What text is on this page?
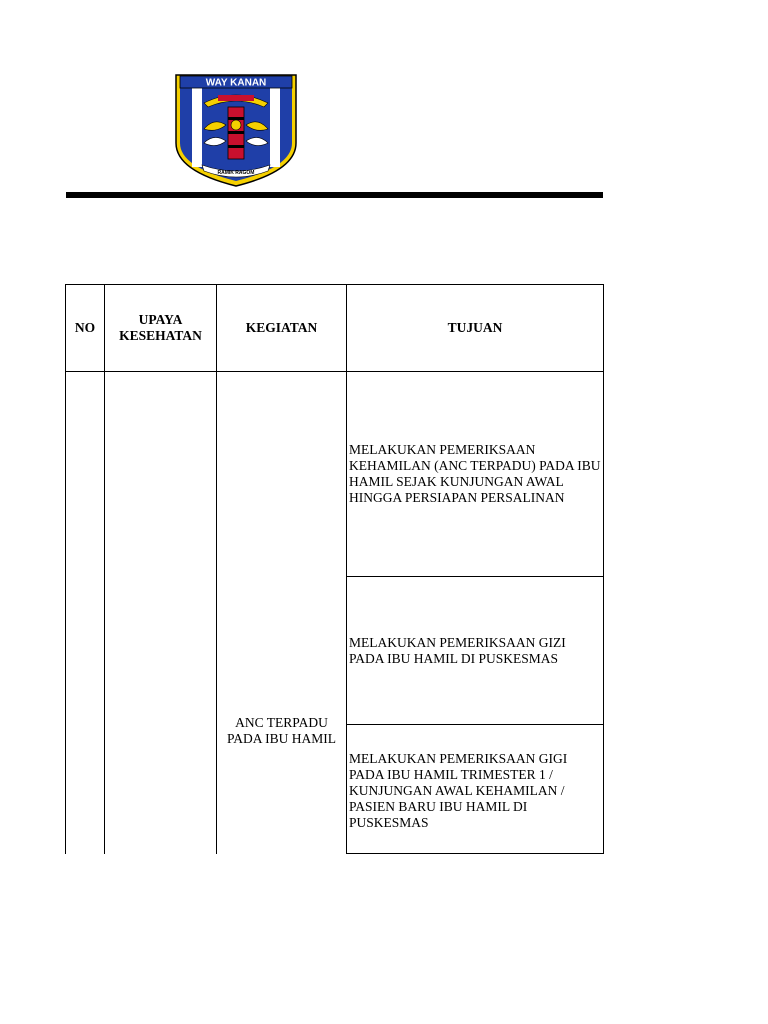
WAY KANAN
RAMIK RAGOM
NO
UPAYA KESEHATAN
KEGIATAN	TUJUAN
ANC TERPADU PADA IBU HAMIL
MELAKUKAN PEMERIKSAAN KEHAMILAN (ANC TERPADU) PADA IBU HAMIL SEJAK KUNJUNGAN AWAL HINGGA PERSIAPAN PERSALINAN
MELAKUKAN PEMERIKSAAN GIZI PADA IBU HAMIL DI PUSKESMAS
MELAKUKAN PEMERIKSAAN GIGI PADA IBU HAMIL TRIMESTER 1 / KUNJUNGAN AWAL KEHAMILAN / PASIEN BARU IBU HAMIL DI PUSKESMAS
